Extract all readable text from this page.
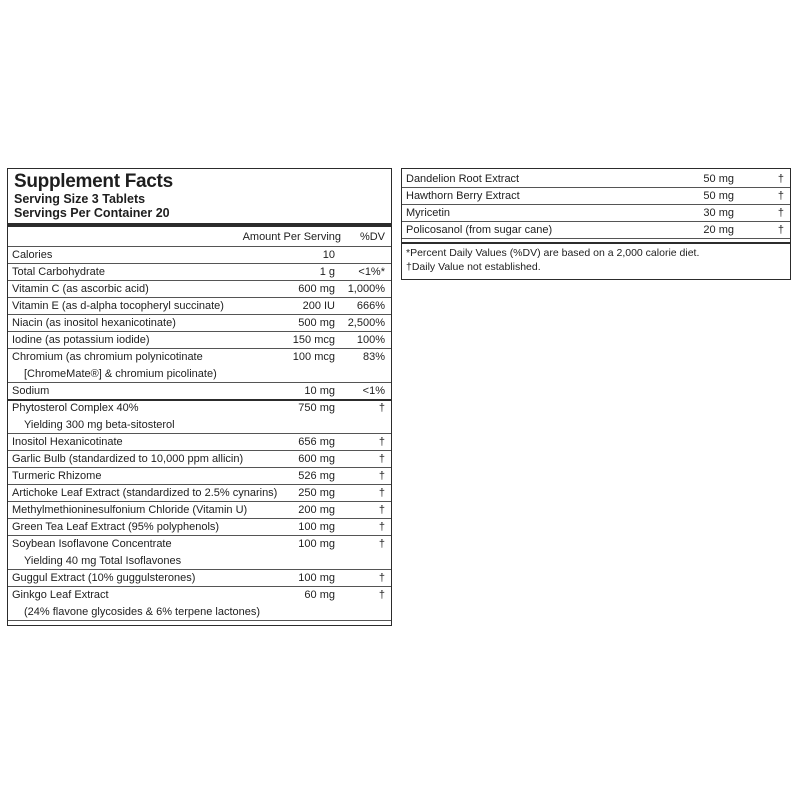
Supplement Facts
Serving Size 3 Tablets
Servings Per Container 20
Amount Per Serving %DV
Calories	10
Total Carbohydrate	1 g <1%*
Vitamin C (as ascorbic acid)	600 mg 1,000%
Vitamin E (as d-alpha tocopheryl succinate)	200 IU 666%
Niacin (as inositol hexanicotinate)	500 mg 2,500%
Iodine (as potassium iodide)	150 mcg 100%
Chromium (as chromium polynicotinate	100 mcg	83%
[ChromeMate®] & chromium picolinate)
Sodium	10 mg	<1%
Phytosterol Complex 40%	750 mg	†
Yielding 300 mg beta-sitosterol
Inositol Hexanicotinate	656 mg	†
Garlic Bulb (standardized to 10,000 ppm allicin)	600 mg	†
Turmeric Rhizome	526 mg	†
Artichoke Leaf Extract (standardized to 2.5% cynarins) 250 mg	†
Methylmethioninesulfonium Chloride (Vitamin U)	200 mg	†
Green Tea Leaf Extract (95% polyphenols)	100 mg	†
Soybean Isoflavone Concentrate	100 mg	†
Yielding 40 mg Total Isoflavones
Guggul Extract (10% guggulsterones)	100 mg	†
Ginkgo Leaf Extract	60 mg	†
(24% flavone glycosides & 6% terpene lactones)
Dandelion Root Extract	50 mg	†
Hawthorn Berry Extract	50 mg	†
Myricetin	30 mg	†
Policosanol (from sugar cane)	20 mg	†
*Percent Daily Values (%DV) are based on a 2,000 calorie diet.
†Daily Value not established.
